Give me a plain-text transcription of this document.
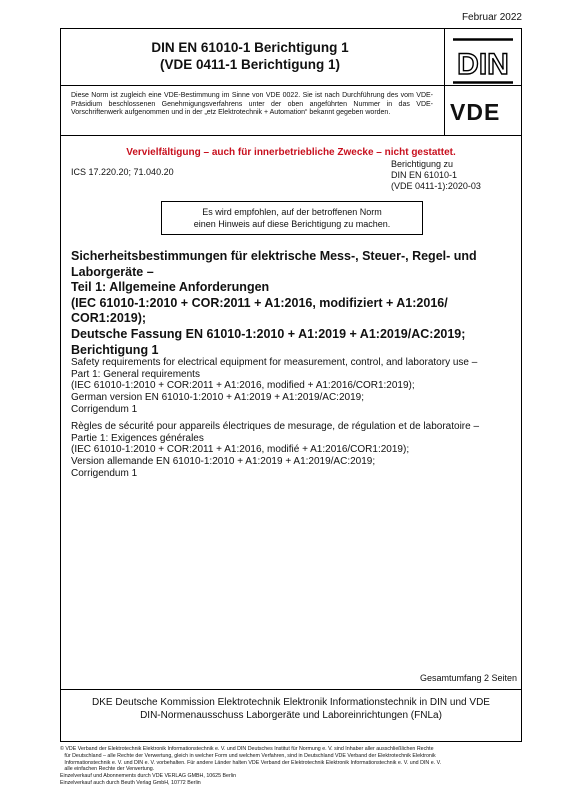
Februar 2022
DIN EN 61010-1 Berichtigung 1
(VDE 0411-1 Berichtigung 1)	DIN
Diese Norm ist zugleich eine VDE-Bestimmung im Sinne von VDE 0022. Sie ist nach Durchführung des vom VDE-Präsidium beschlossenen Genehmigungsverfahrens unter der oben angeführten Nummer in das VDE-Vorschriftenwerk aufgenommen und in der „etz Elektrotechnik + Automation“ bekannt gegeben worden.	VDE
Vervielfältigung – auch für innerbetriebliche Zwecke – nicht gestattet.
ICS 17.220.20; 71.040.20
Berichtigung zu
DIN EN 61010-1
(VDE 0411-1):2020-03
Es wird empfohlen, auf der betroffenen Norm
einen Hinweis auf diese Berichtigung zu machen.
Sicherheitsbestimmungen für elektrische Mess-, Steuer-, Regel- und
Laborgeräte –
Teil 1: Allgemeine Anforderungen
(IEC 61010-1:2010 + COR:2011 + A1:2016, modifiziert + A1:2016/
COR1:2019);
Deutsche Fassung EN 61010-1:2010 + A1:2019 + A1:2019/AC:2019;
Berichtigung 1
Safety requirements for electrical equipment for measurement, control, and laboratory use –
Part 1: General requirements
(IEC 61010-1:2010 + COR:2011 + A1:2016, modified + A1:2016/COR1:2019);
German version EN 61010-1:2010 + A1:2019 + A1:2019/AC:2019;
Corrigendum 1
Règles de sécurité pour appareils électriques de mesurage, de régulation et de laboratoire –
Partie 1: Exigences générales
(IEC 61010-1:2010 + COR:2011 + A1:2016, modifié + A1:2016/COR1:2019);
Version allemande EN 61010-1:2010 + A1:2019 + A1:2019/AC:2019;
Corrigendum 1
Gesamtumfang 2 Seiten
DKE Deutsche Kommission Elektrotechnik Elektronik Informationstechnik in DIN und VDE
DIN-Normenausschuss Laborgeräte und Laboreinrichtungen (FNLa)
© VDE Verband der Elektrotechnik Elektronik Informationstechnik e. V. und DIN Deutsches Institut für Normung e. V. sind Inhaber aller ausschließlichen Rechte
für Deutschland – alle Rechte der Verwertung, gleich in welcher Form und welchem Verfahren, sind in Deutschland VDE Verband der Elektrotechnik Elektronik
Informationstechnik e. V. und DIN e. V. vorbehalten. Für andere Länder halten VDE Verband der Elektrotechnik Elektronik Informationstechnik e. V. und DIN e. V.
alle einfachen Rechte der Verwertung.
Einzelverkauf und Abonnements durch VDE VERLAG GMBH, 10625 Berlin
Einzelverkauf auch durch Beuth Verlag GmbH, 10772 Berlin
